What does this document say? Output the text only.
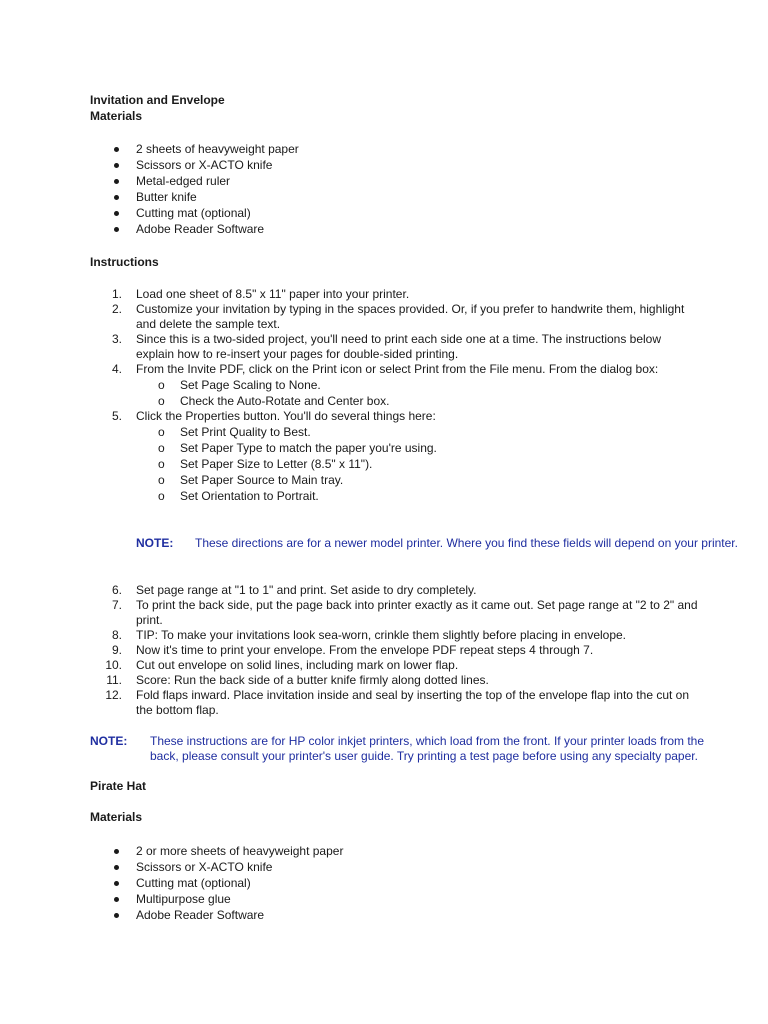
Invitation and Envelope
Materials
2 sheets of heavyweight paper
Scissors or X-ACTO knife
Metal-edged ruler
Butter knife
Cutting mat (optional)
Adobe Reader Software
Instructions
1. Load one sheet of 8.5" x 11" paper into your printer.
2. Customize your invitation by typing in the spaces provided. Or, if you prefer to handwrite them, highlight and delete the sample text.
3. Since this is a two-sided project, you'll need to print each side one at a time. The instructions below explain how to re-insert your pages for double-sided printing.
4. From the Invite PDF, click on the Print icon or select Print from the File menu. From the dialog box:
o Set Page Scaling to None.
o Check the Auto-Rotate and Center box.
5. Click the Properties button. You'll do several things here:
o Set Print Quality to Best.
o Set Paper Type to match the paper you're using.
o Set Paper Size to Letter (8.5" x 11").
o Set Paper Source to Main tray.
o Set Orientation to Portrait.
NOTE: These directions are for a newer model printer. Where you find these fields will depend on your printer.
6. Set page range at "1 to 1" and print. Set aside to dry completely.
7. To print the back side, put the page back into printer exactly as it came out. Set page range at "2 to 2" and print.
8. TIP: To make your invitations look sea-worn, crinkle them slightly before placing in envelope.
9. Now it's time to print your envelope. From the envelope PDF repeat steps 4 through 7.
10. Cut out envelope on solid lines, including mark on lower flap.
11. Score: Run the back side of a butter knife firmly along dotted lines.
12. Fold flaps inward. Place invitation inside and seal by inserting the top of the envelope flap into the cut on the bottom flap.
NOTE: These instructions are for HP color inkjet printers, which load from the front. If your printer loads from the back, please consult your printer's user guide. Try printing a test page before using any specialty paper.
Pirate Hat
Materials
2 or more sheets of heavyweight paper
Scissors or X-ACTO knife
Cutting mat (optional)
Multipurpose glue
Adobe Reader Software
